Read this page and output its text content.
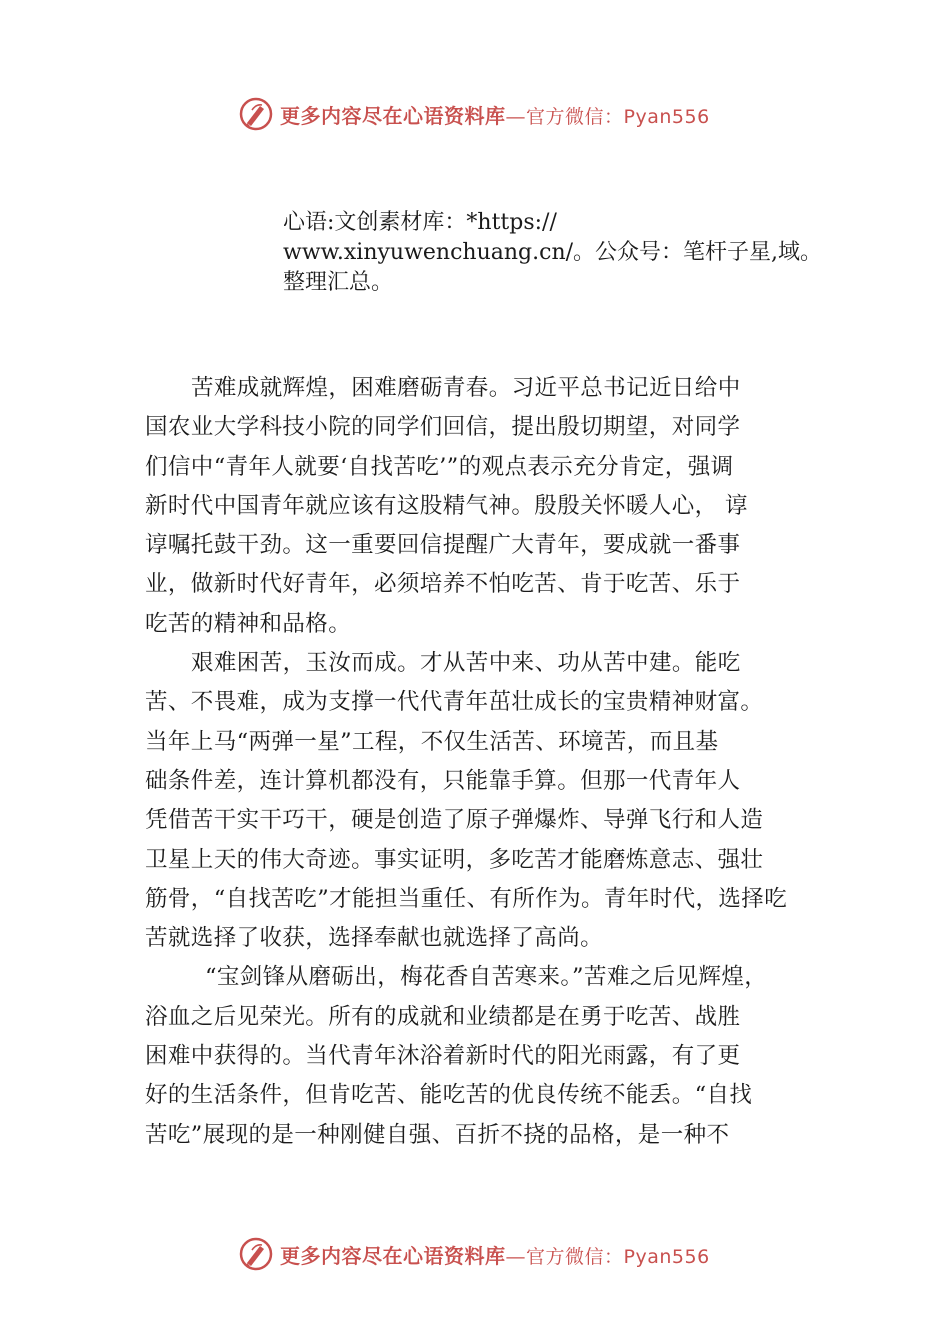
更多内容尽在心语资料库—官方微信：Pyan556
心语:文创素材库：*https://
www.xinyuwenchuang.cn/。公众号：笔杆子星,域。
整理汇总。
苦难成就辉煌，困难磨砺青春。习近平总书记近日给中
国农业大学科技小院的同学们回信，提出殷切期望，对同学
们信中“青年人就要‘自找苦吃’”的观点表示充分肯定，强调
新时代中国青年就应该有这股精气神。殷殷关怀暖人心， 谆
谆嘱托鼓干劲。这一重要回信提醒广大青年，要成就一番事
业，做新时代好青年，必须培养不怕吃苦、肯于吃苦、乐于
吃苦的精神和品格。
艰难困苦，玉汝而成。才从苦中来、功从苦中建。能吃
苦、不畏难，成为支撑一代代青年茁壮成长的宝贵精神财富。
当年上马“两弹一星”工程，不仅生活苦、环境苦，而且基
础条件差，连计算机都没有，只能靠手算。但那一代青年人
凭借苦干实干巧干，硬是创造了原子弹爆炸、导弹飞行和人造
卫星上天的伟大奇迹。事实证明，多吃苦才能磨炼意志、强壮
筋骨，“自找苦吃”才能担当重任、有所作为。青年时代，选择吃
苦就选择了收获，选择奉献也就选择了高尚。
“宝剑锋从磨砺出，梅花香自苦寒来。”苦难之后见辉煌，
浴血之后见荣光。所有的成就和业绩都是在勇于吃苦、战胜
困难中获得的。当代青年沐浴着新时代的阳光雨露，有了更
好的生活条件，但肯吃苦、能吃苦的优良传统不能丢。“自找
苦吃”展现的是一种刚健自强、百折不挠的品格，是一种不
更多内容尽在心语资料库—官方微信：Pyan556
